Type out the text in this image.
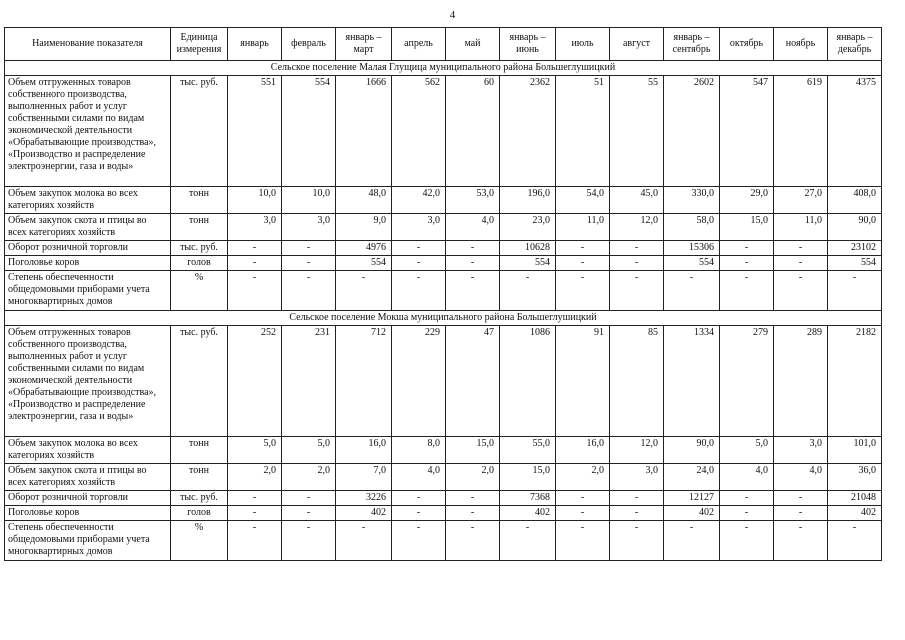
4
Наименование показателя	Единица измерения	январь	февраль	январь – март	апрель	май	январь – июнь	июль	август	январь – сентябрь	октябрь	ноябрь	январь – декабрь
Сельское поселение Малая Глущица муниципального района Большеглушицкий													
Объем отгруженных товаров собственного производства, выполненных работ и услуг собственными силами по видам экономической деятельности «Обрабатывающие производства», «Производство и распределение электроэнергии, газа и воды»	тыс. руб.	551	554	1666	562	60	2362	51	55	2602	547	619	4375
Объем закупок молока во всех категориях хозяйств	тонн	10,0	10,0	48,0	42,0	53,0	196,0	54,0	45,0	330,0	29,0	27,0	408,0
Объем закупок скота и птицы во всех категориях хозяйств	тонн	3,0	3,0	9,0	3,0	4,0	23,0	11,0	12,0	58,0	15,0	11,0	90,0
Оборот розничной торговли	тыс. руб.	-	-	4976	-	-	10628	-	-	15306	-	-	23102
Поголовье коров	голов	-	-	554	-	-	554	-	-	554	-	-	554
Степень обеспеченности общедомовыми приборами учета многоквартирных домов	%	-	-	-	-	-	-	-	-	-	-	-	-
Сельское поселение Мокша муниципального района Большеглушицкий													
Объем отгруженных товаров собственного производства, выполненных работ и услуг собственными силами по видам экономической деятельности «Обрабатывающие производства», «Производство и распределение электроэнергии, газа и воды»	тыс. руб.	252	231	712	229	47	1086	91	85	1334	279	289	2182
Объем закупок молока во всех категориях хозяйств	тонн	5,0	5,0	16,0	8,0	15,0	55,0	16,0	12,0	90,0	5,0	3,0	101,0
Объем закупок скота и птицы во всех категориях хозяйств	тонн	2,0	2,0	7,0	4,0	2,0	15,0	2,0	3,0	24,0	4,0	4,0	36,0
Оборот розничной торговли	тыс. руб.	-	-	3226	-	-	7368	-	-	12127	-	-	21048
Поголовье коров	голов	-	-	402	-	-	402	-	-	402	-	-	402
Степень обеспеченности общедомовыми приборами учета многоквартирных домов	%	-	-	-	-	-	-	-	-	-	-	-	-
